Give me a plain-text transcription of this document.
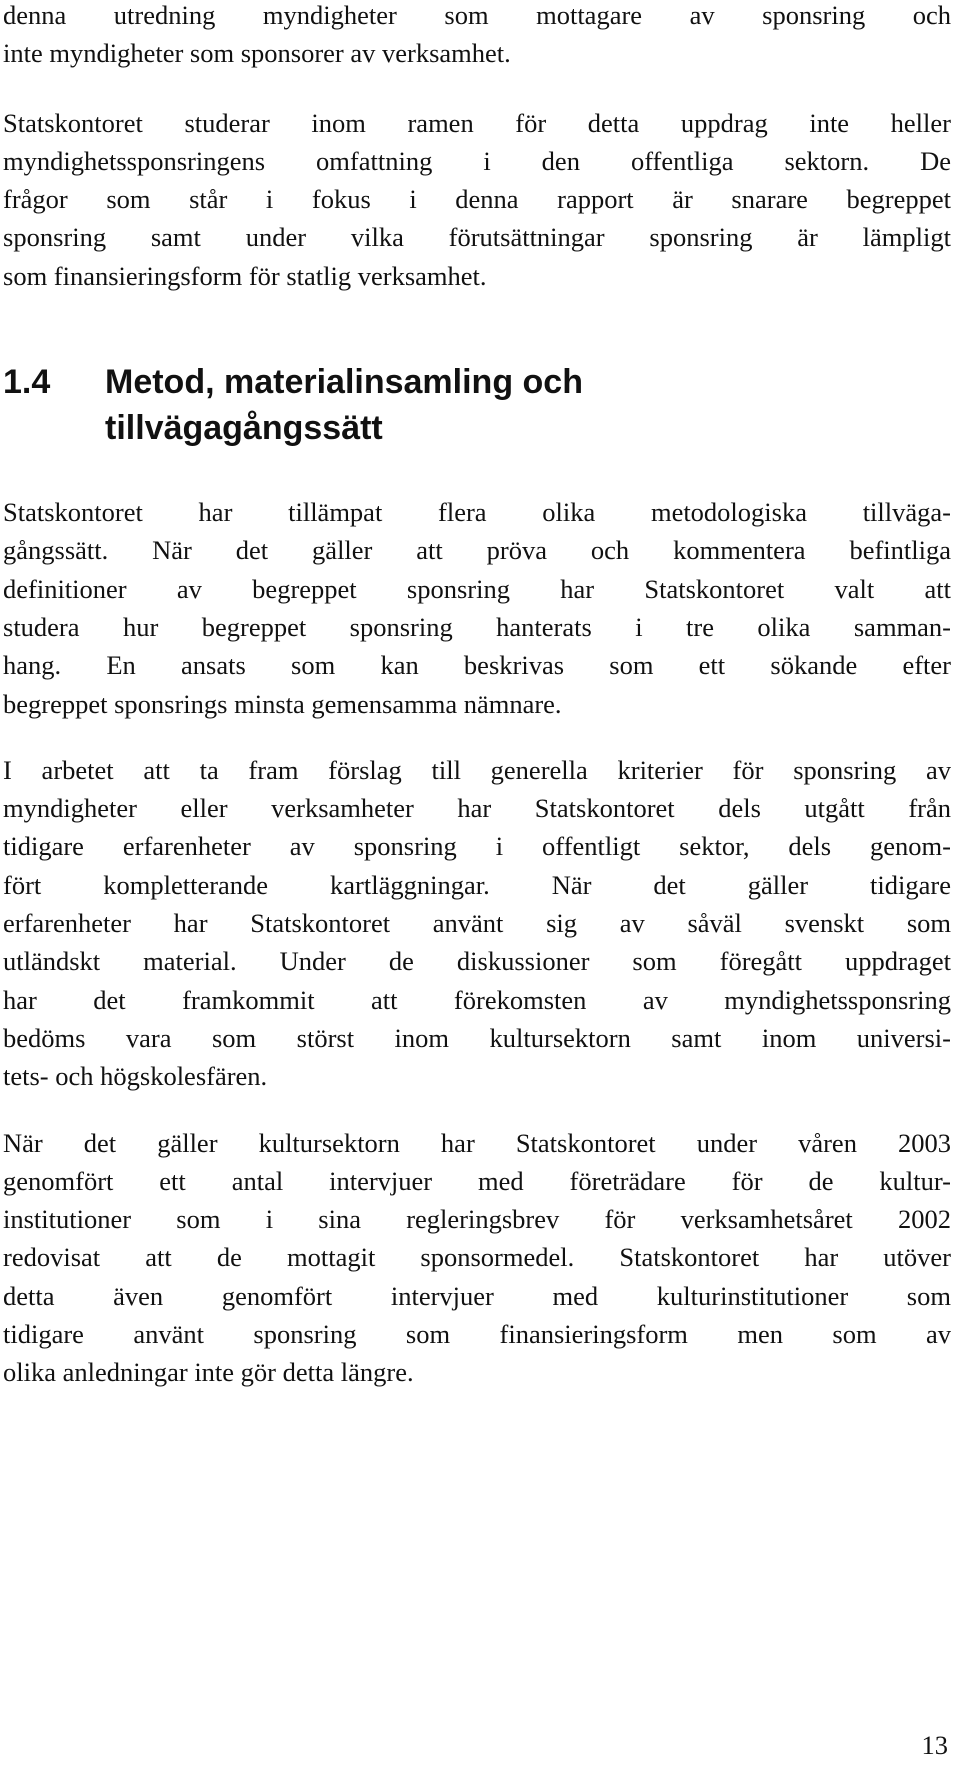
denna utredning myndigheter som mottagare av sponsring och
inte myndigheter som sponsorer av verksamhet.
Statskontoret studerar inom ramen för detta uppdrag inte heller
myndighetssponsringens omfattning i den offentliga sektorn. De
frågor som står i fokus i denna rapport är snarare begreppet
sponsring samt under vilka förutsättningar sponsring är lämpligt
som finansieringsform för statlig verksamhet.
1.4	Metod, materialinsamling och
tillvägagångssätt
Statskontoret har tillämpat flera olika metodologiska tillväga-
gångssätt. När det gäller att pröva och kommentera befintliga
definitioner av begreppet sponsring har Statskontoret valt att
studera hur begreppet sponsring hanterats i tre olika samman-
hang. En ansats som kan beskrivas som ett sökande efter
begreppet sponsrings minsta gemensamma nämnare.
I arbetet att ta fram förslag till generella kriterier för sponsring av
myndigheter eller verksamheter har Statskontoret dels utgått från
tidigare erfarenheter av sponsring i offentligt sektor, dels genom-
fört kompletterande kartläggningar. När det gäller tidigare
erfarenheter har Statskontoret använt sig av såväl svenskt som
utländskt material. Under de diskussioner som föregått uppdraget
har det framkommit att förekomsten av myndighetssponsring
bedöms vara som störst inom kultursektorn samt inom universi-
tets- och högskolesfären.
När det gäller kultursektorn har Statskontoret under våren 2003
genomfört ett antal intervjuer med företrädare för de kultur-
institutioner som i sina regleringsbrev för verksamhetsåret 2002
redovisat att de mottagit sponsormedel. Statskontoret har utöver
detta även genomfört intervjuer med kulturinstitutioner som
tidigare använt sponsring som finansieringsform men som av
olika anledningar inte gör detta längre.
13
